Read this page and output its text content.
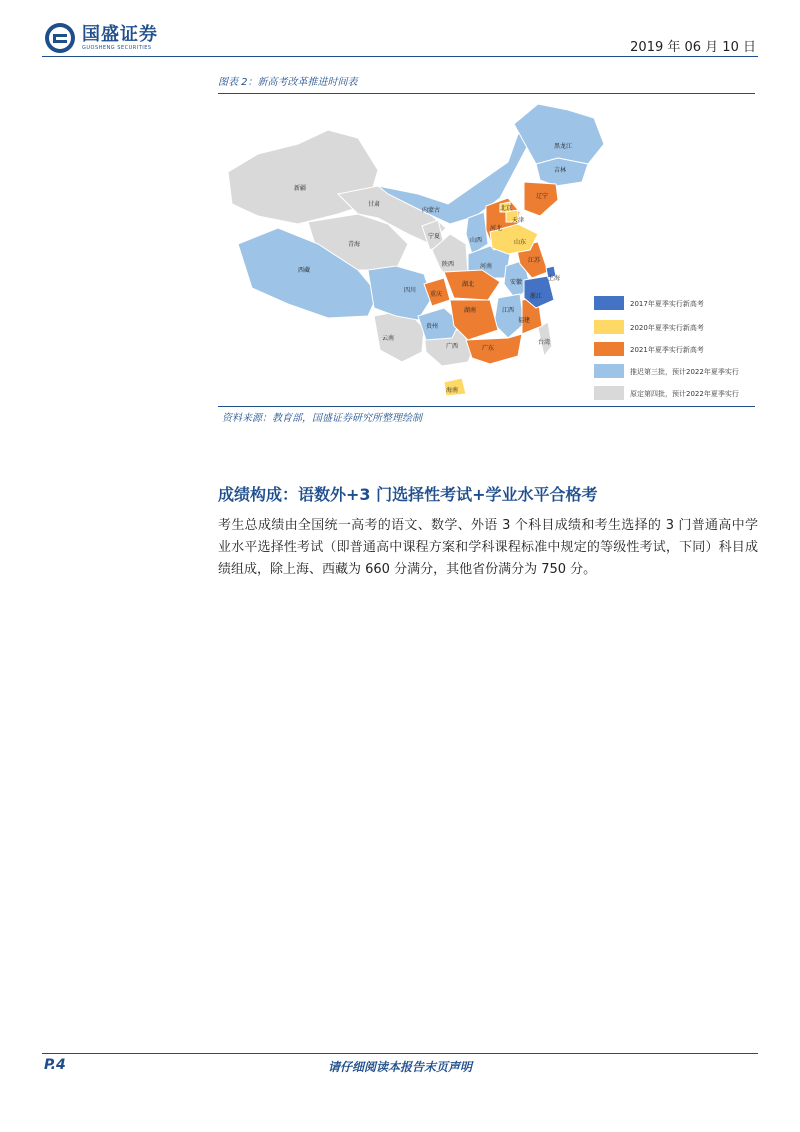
国盛证券
GUOSHENG SECURITIES	2019 年 06 月 10 日
图表 2：新高考改革推进时间表
新疆
甘肃
青海
内蒙古
宁夏
陕西
黑龙江
吉林
辽宁
北京
天津
河北
山东
山西
河南
江苏
上海
安徽
浙江
西藏
四川
重庆
湖北
湖南	江西
福建
贵州
云南
广西	广东
台湾
海南
2017年夏季实行新高考
2020年夏季实行新高考
2021年夏季实行新高考
推迟第三批，预计2022年夏季实行
原定第四批，预计2022年夏季实行
资料来源：教育部，国盛证券研究所整理绘制
成绩构成：语数外+3 门选择性考试+学业水平合格考
考生总成绩由全国统一高考的语文、数学、外语 3 个科目成绩和考生选择的 3 门普通高中学业水平选择性考试（即普通高中课程方案和学科课程标准中规定的等级性考试，下同）科目成绩组成，除上海、西藏为 660 分满分，其他省份满分为 750 分。
P.4	请仔细阅读本报告末页声明
